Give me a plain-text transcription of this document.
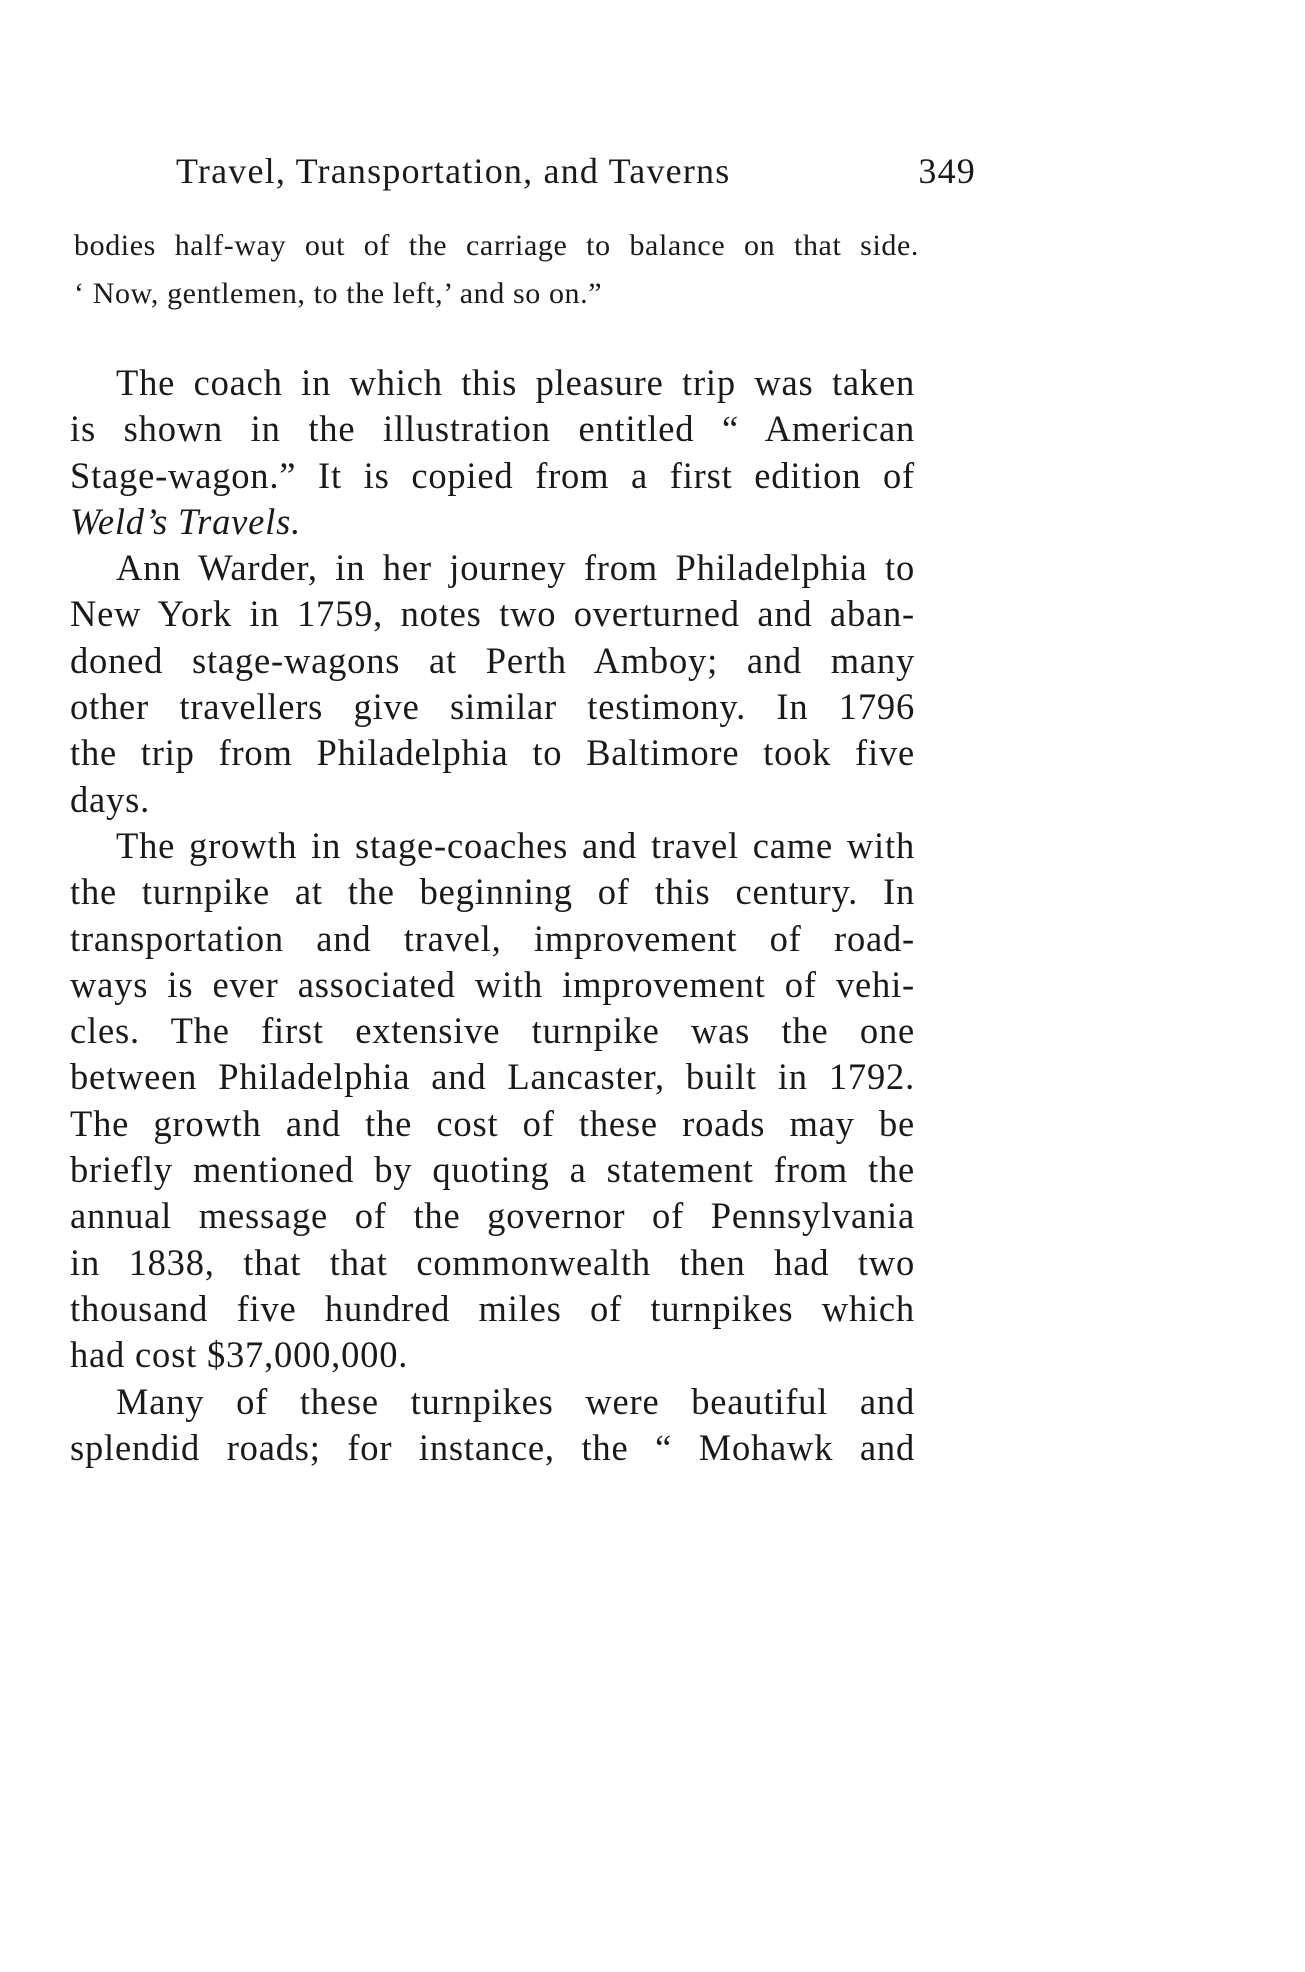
Travel, Transportation, and Taverns	349

bodies half-way out of the carriage to balance on that side.

‘ Now, gentlemen, to the left,’ and so on.”

The coach in which this pleasure trip was taken
is shown in the illustration entitled “ American
Stage-wagon.” It is copied from a first edition of
Weld’s Travels.

Ann Warder, in her journey from Philadelphia to
New York in 1759, notes two overturned and aban-
doned stage-wagons at Perth Amboy; and many
other travellers give similar testimony. In 1796
the trip from Philadelphia to Baltimore took five
days.

The growth in stage-coaches and travel came with
the turnpike at the beginning of this century. In
transportation and travel, improvement of road-
ways is ever associated with improvement of vehi-
cles. The first extensive turnpike was the one
between Philadelphia and Lancaster, built in 1792.
The growth and the cost of these roads may be
briefly mentioned by quoting a statement from the
annual message of the governor of Pennsylvania
in 1838, that that commonwealth then had two
thousand five hundred miles of turnpikes which
had cost $37,000,000.

Many of these turnpikes were beautiful and
splendid roads; for instance, the “ Mohawk and
